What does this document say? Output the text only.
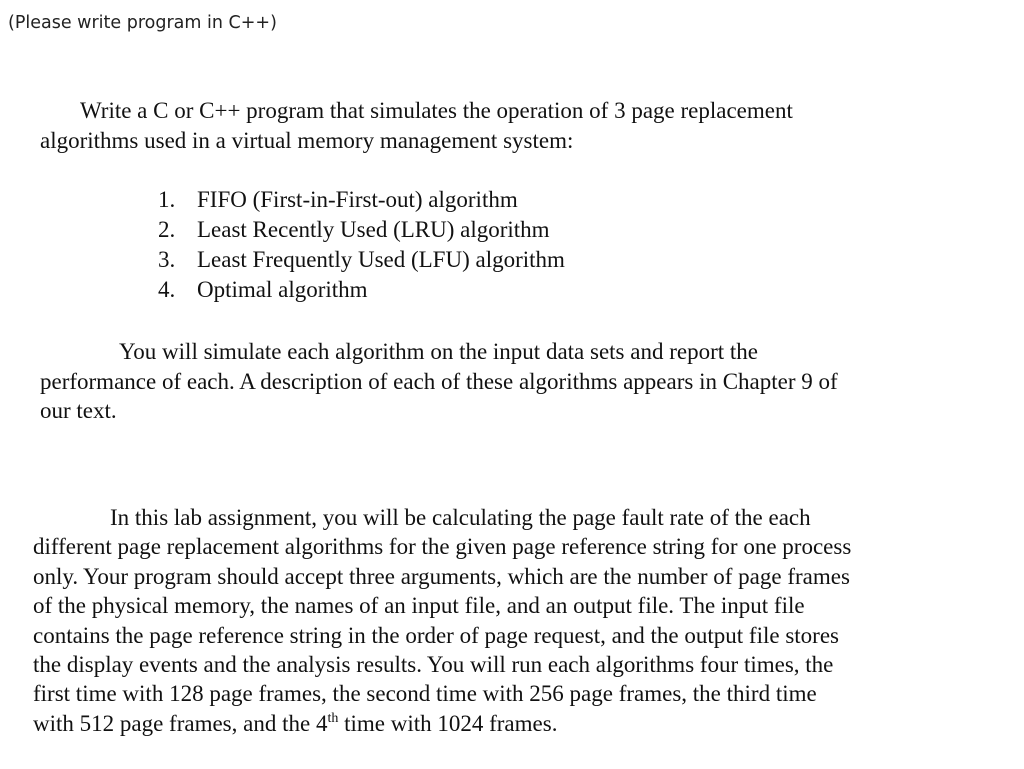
(Please write program in C++)
Write a C or C++ program that simulates the operation of 3 page replacement
algorithms used in a virtual memory management system:
1. FIFO (First-in-First-out) algorithm
2. Least Recently Used (LRU) algorithm
3. Least Frequently Used (LFU) algorithm
4. Optimal algorithm
You will simulate each algorithm on the input data sets and report the
performance of each. A description of each of these algorithms appears in Chapter 9 of
our text.
In this lab assignment, you will be calculating the page fault rate of the each
different page replacement algorithms for the given page reference string for one process
only. Your program should accept three arguments, which are the number of page frames
of the physical memory, the names of an input file, and an output file. The input file
contains the page reference string in the order of page request, and the output file stores
the display events and the analysis results. You will run each algorithms four times, the
first time with 128 page frames, the second time with 256 page frames, the third time
with 512 page frames, and the 4th time with 1024 frames.
